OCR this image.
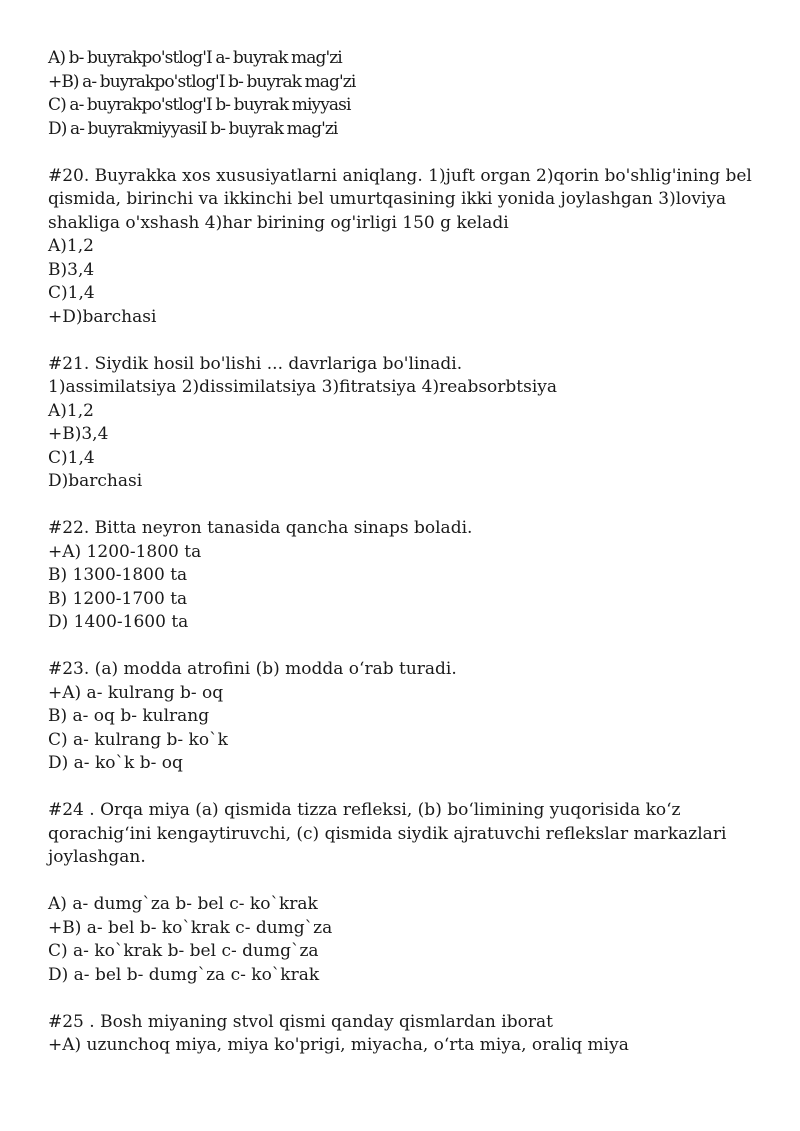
A) b- buyrakpo'stlog'I a- buyrak mag'zi
+B) a- buyrakpo'stlog'I b- buyrak mag'zi
C) a- buyrakpo'stlog'I b- buyrak miyyasi
D) a- buyrakmiyyasiI b- buyrak mag'zi
#20. Buyrakka xos xususiyatlarni aniqlang. 1)juft organ 2)qorin bo'shlig'ining bel
qismida, birinchi va ikkinchi bel umurtqasining ikki yonida joylashgan 3)loviya
shakliga o'xshash 4)har birining og'irligi 150 g keladi
A)1,2
B)3,4
C)1,4
+D)barchasi
#21. Siydik hosil bo'lishi ... davrlariga bo'linadi.
1)assimilatsiya 2)dissimilatsiya 3)fitratsiya 4)reabsorbtsiya
A)1,2
+B)3,4
C)1,4
D)barchasi
#22. Bitta neyron tanasida qancha sinaps boladi.
+A) 1200-1800 ta
B) 1300-1800 ta
B) 1200-1700 ta
D) 1400-1600 ta
#23. (a) modda atrofini (b) modda o‘rab turadi.
+A) a- kulrang b- oq
B) a- oq b- kulrang
C) a- kulrang b- ko`k
D) a- ko`k b- oq
#24 . Orqa miya (a) qismida tizza refleksi, (b) bo‘limining yuqorisida ko‘z
qorachig‘ini kengaytiruvchi, (c) qismida siydik ajratuvchi reflekslar markazlari
joylashgan.
A) a- dumg`za b- bel c- ko`krak
+B) a- bel b- ko`krak c- dumg`za
C) a- ko`krak b- bel c- dumg`za
D) a- bel b- dumg`za c- ko`krak
#25 . Bosh miyaning stvol qismi qanday qismlardan iborat
+A) uzunchoq miya, miya ko'prigi, miyacha, o‘rta miya, oraliq miya
